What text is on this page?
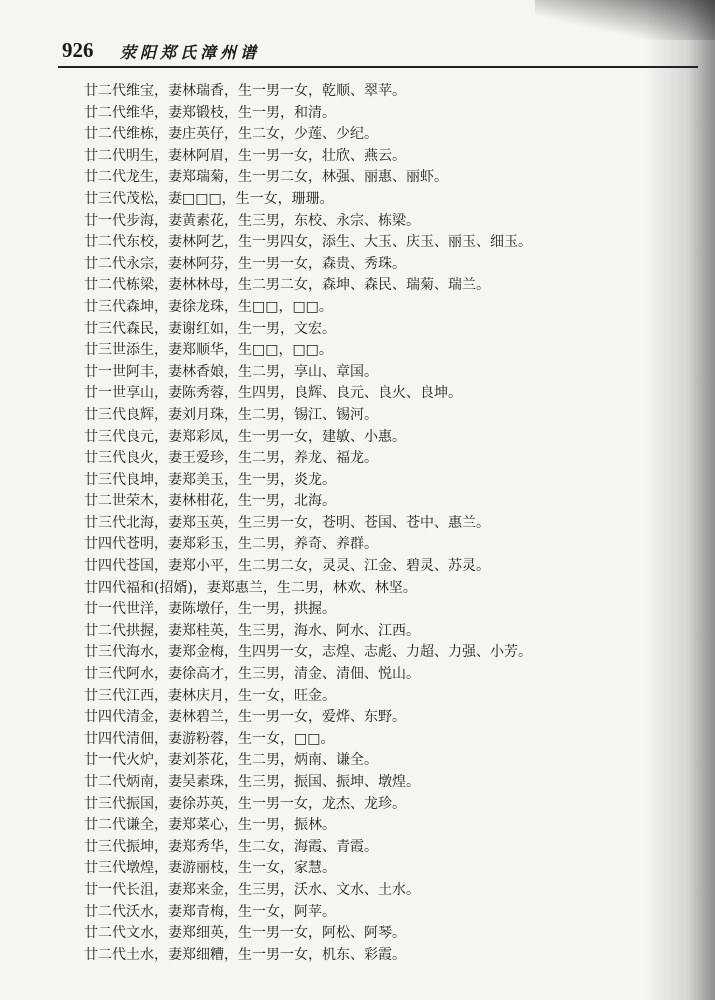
926 荥阳郑氏漳州谱
廿二代维宝，妻林瑞香，生一男一女，乾顺、翠苹。
廿二代维华，妻郑锻枝，生一男，和清。
廿二代维栋，妻庄英仔，生二女，少莲、少纪。
廿二代明生，妻林阿眉，生一男一女，壮欣、燕云。
廿二代龙生，妻郑瑞菊，生一男二女，林强、丽惠、丽虾。
廿三代茂松，妻□□□，生一女，珊珊。
廿一代步海，妻黄素花，生三男，东校、永宗、栋梁。
廿二代东校，妻林阿艺，生一男四女，添生、大玉、庆玉、丽玉、细玉。
廿二代永宗，妻林阿芬，生一男一女，森贵、秀珠。
廿二代栋梁，妻林林母，生二男二女，森坤、森民、瑞菊、瑞兰。
廿三代森坤，妻徐龙珠，生□□，□□。
廿三代森民，妻谢红如，生一男，文宏。
廿三世添生，妻郑顺华，生□□，□□。
廿一世阿丰，妻林香娘，生二男，享山、章国。
廿一世享山，妻陈秀蓉，生四男，良辉、良元、良火、良坤。
廿三代良辉，妻刘月珠，生二男，锡江、锡河。
廿三代良元，妻郑彩凤，生一男一女，建敏、小惠。
廿三代良火，妻王爱珍，生二男，养龙、福龙。
廿三代良坤，妻郑美玉，生一男，炎龙。
廿二世荣木，妻林柑花，生一男，北海。
廿三代北海，妻郑玉英，生三男一女，苍明、苍国、苍中、惠兰。
廿四代苍明，妻郑彩玉，生二男，养奇、养群。
廿四代苍国，妻郑小平，生二男二女，灵灵、江金、碧灵、苏灵。
廿四代福和(招婿)，妻郑惠兰，生二男，林欢、林坚。
廿一代世洋，妻陈墩仔，生一男，拱握。
廿二代拱握，妻郑桂英，生三男，海水、阿水、江西。
廿三代海水，妻郑金梅，生四男一女，志煌、志彪、力超、力强、小芳。
廿三代阿水，妻徐高才，生三男，清金、清佃、悦山。
廿三代江西，妻林庆月，生一女，旺金。
廿四代清金，妻林碧兰，生一男一女，爱烨、东野。
廿四代清佃，妻游粉蓉，生一女，□□。
廿一代火炉，妻刘茶花，生二男，炳南、谦全。
廿二代炳南，妻吴素珠，生三男，振国、振坤、墩煌。
廿三代振国，妻徐苏英，生一男一女，龙杰、龙珍。
廿二代谦全，妻郑菜心，生一男，振林。
廿三代振坤，妻郑秀华，生二女，海霞、青霞。
廿三代墩煌，妻游丽枝，生一女，家慧。
廿一代长沮，妻郑来金，生三男，沃水、文水、土水。
廿二代沃水，妻郑青梅，生一女，阿苹。
廿二代文水，妻郑细英，生一男一女，阿松、阿琴。
廿二代土水，妻郑细糟，生一男一女，机东、彩霞。
